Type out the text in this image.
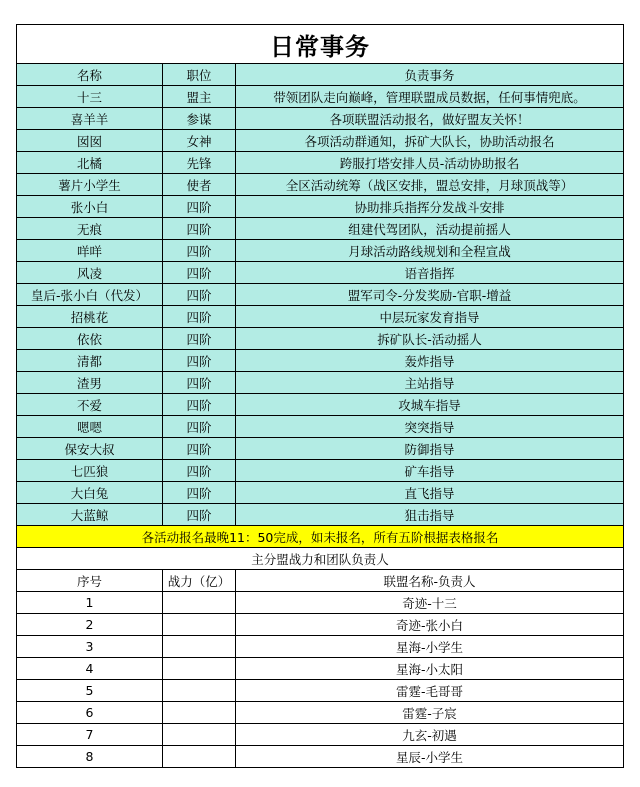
日常事务		
名称	职位	负责事务
十三	盟主	带领团队走向巅峰，管理联盟成员数据，任何事情兜底。
喜羊羊	参谋	各项联盟活动报名，做好盟友关怀！
囡囡	女神	各项活动群通知，拆矿大队长，协助活动报名
北橘	先锋	跨服打塔安排人员-活动协助报名
薯片小学生	使者	全区活动统筹（战区安排，盟总安排，月球顶战等）
张小白	四阶	协助排兵指挥分发战斗安排
无痕	四阶	组建代驾团队，活动提前摇人
咩咩	四阶	月球活动路线规划和全程宣战
风凌	四阶	语音指挥
皇后-张小白（代发）	四阶	盟军司令-分发奖励-官职-增益
招桃花	四阶	中层玩家发育指导
依依	四阶	拆矿队长-活动摇人
清都	四阶	轰炸指导
渣男	四阶	主站指导
不爱	四阶	攻城车指导
嗯嗯	四阶	突突指导
保安大叔	四阶	防御指导
七匹狼	四阶	矿车指导
大白兔	四阶	直飞指导
大蓝鲸	四阶	狙击指导
各活动报名最晚11：50完成，如未报名，所有五阶根据表格报名		
主分盟战力和团队负责人		
序号	战力（亿）	联盟名称-负责人
1		奇迹-十三
2		奇迹-张小白
3		星海-小学生
4		星海-小太阳
5		雷霆-毛哥哥
6		雷霆-子宸
7		九玄-初遇
8		星辰-小学生
